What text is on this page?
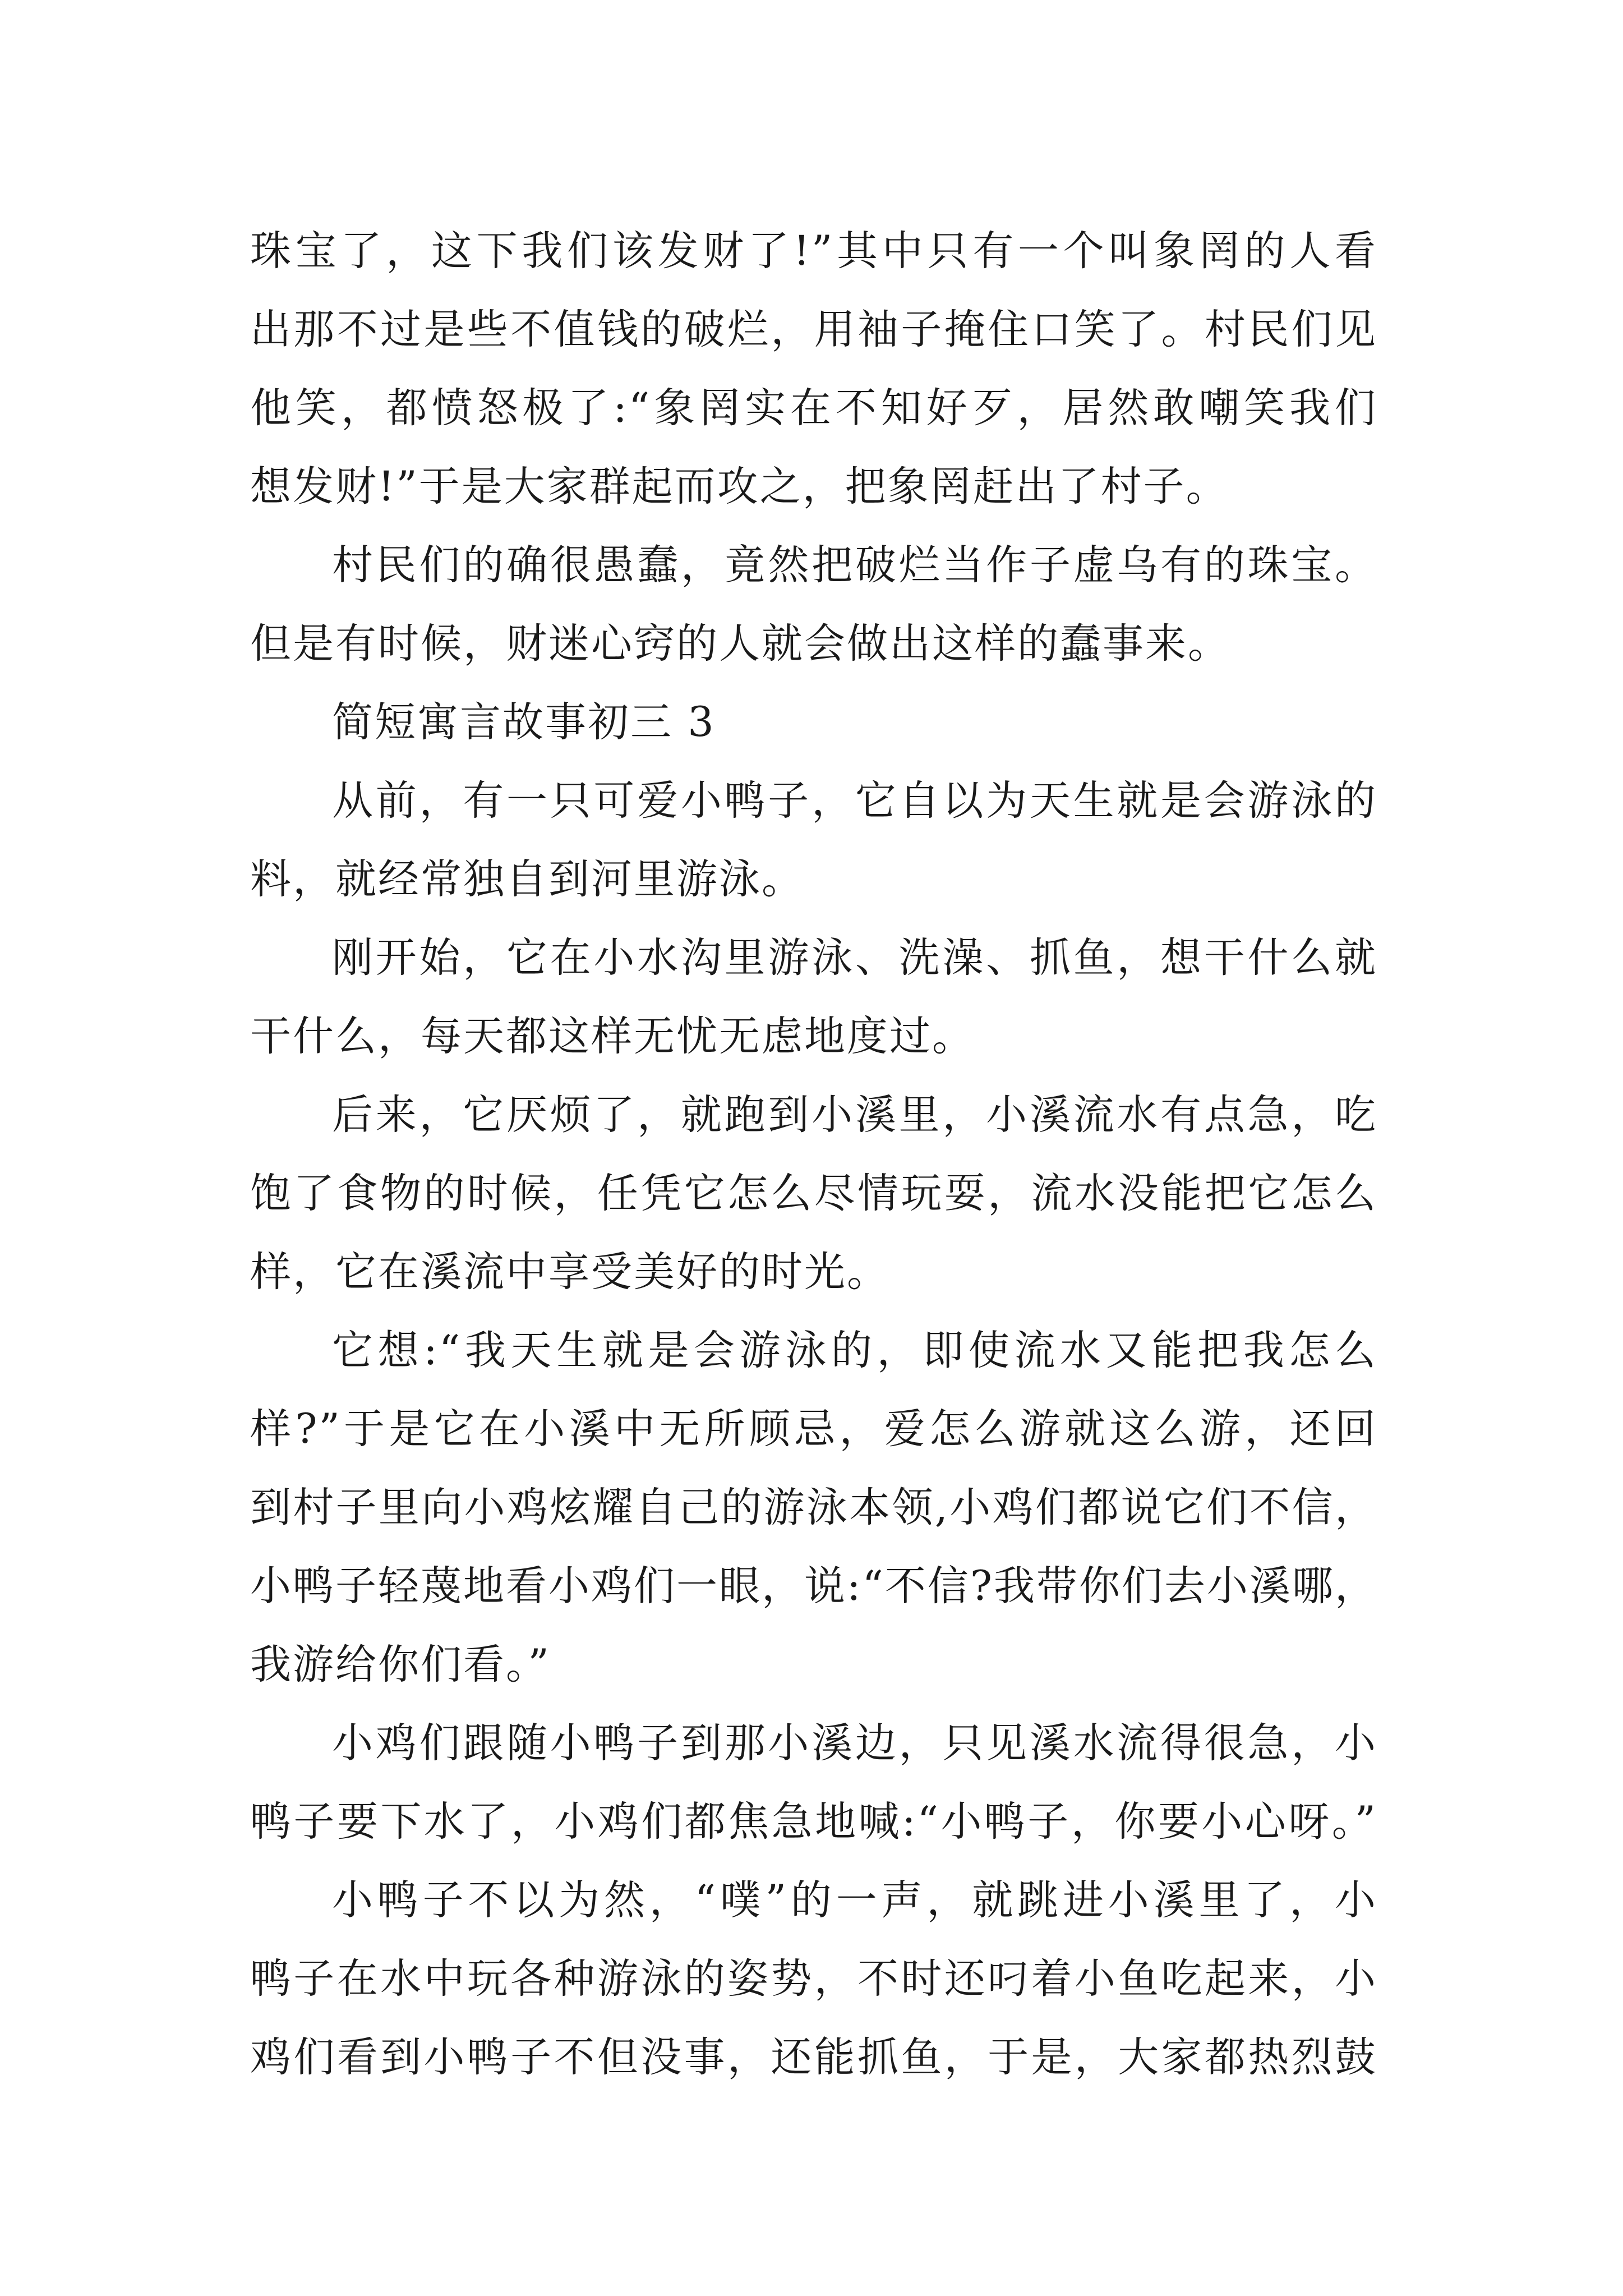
珠宝了，这下我们该发财了!”其中只有一个叫象罔的人看
出那不过是些不值钱的破烂，用袖子掩住口笑了。村民们见
他笑，都愤怒极了:“象罔实在不知好歹，居然敢嘲笑我们
想发财!”于是大家群起而攻之，把象罔赶出了村子。

村民们的确很愚蠢，竟然把破烂当作子虚乌有的珠宝。
但是有时候，财迷心窍的人就会做出这样的蠢事来。

简短寓言故事初三 3

从前，有一只可爱小鸭子，它自以为天生就是会游泳的
料，就经常独自到河里游泳。

刚开始，它在小水沟里游泳、洗澡、抓鱼，想干什么就
干什么，每天都这样无忧无虑地度过。

后来，它厌烦了，就跑到小溪里，小溪流水有点急，吃
饱了食物的时候，任凭它怎么尽情玩耍，流水没能把它怎么
样，它在溪流中享受美好的时光。

它想:“我天生就是会游泳的，即使流水又能把我怎么
样?”于是它在小溪中无所顾忌，爱怎么游就这么游，还回
到村子里向小鸡炫耀自己的游泳本领,小鸡们都说它们不信，
小鸭子轻蔑地看小鸡们一眼，说:“不信?我带你们去小溪哪，
我游给你们看。”

小鸡们跟随小鸭子到那小溪边，只见溪水流得很急，小
鸭子要下水了，小鸡们都焦急地喊:“小鸭子，你要小心呀。”

小鸭子不以为然，“噗”的一声，就跳进小溪里了，小
鸭子在水中玩各种游泳的姿势，不时还叼着小鱼吃起来，小
鸡们看到小鸭子不但没事，还能抓鱼，于是，大家都热烈鼓
